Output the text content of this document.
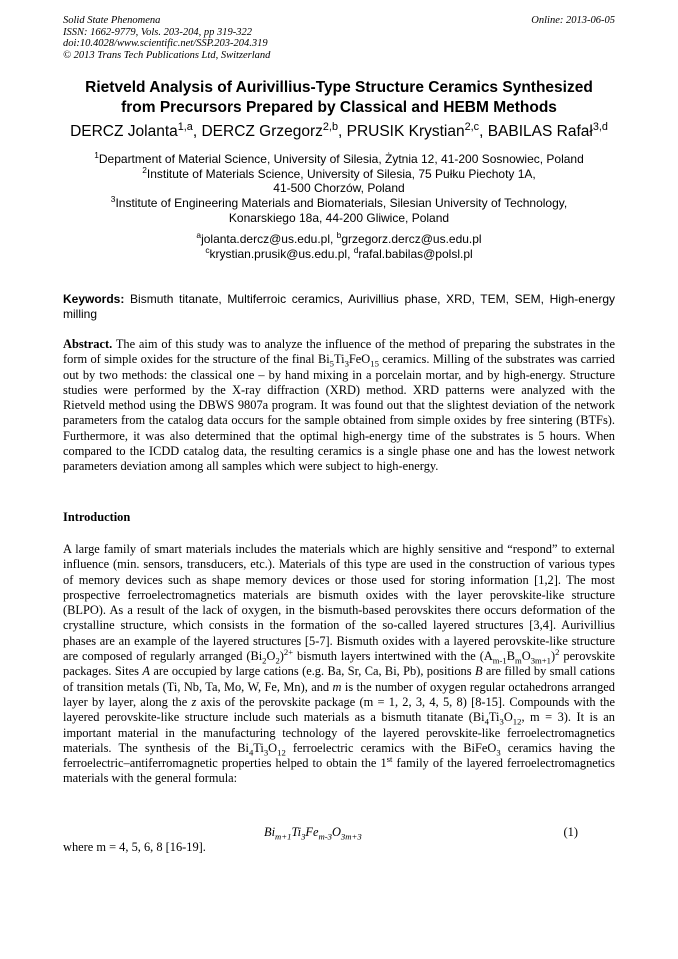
Solid State Phenomena
ISSN: 1662-9779, Vols. 203-204, pp 319-322
doi:10.4028/www.scientific.net/SSP.203-204.319
© 2013 Trans Tech Publications Ltd, Switzerland
Online: 2013-06-05
Rietveld Analysis of Aurivillius-Type Structure Ceramics Synthesized
from Precursors Prepared by Classical and HEBM Methods
DERCZ Jolanta$^{1,a}$, DERCZ Grzegorz$^{2,b}$, PRUSIK Krystian$^{2,c}$, BABILAS Rafał$^{3,d}$
$^1$Department of Material Science, University of Silesia, Żytnia 12, 41-200 Sosnowiec, Poland
$^2$Institute of Materials Science, University of Silesia, 75 Pułku Piechoty 1A,
41-500 Chorzów, Poland
$^3$Institute of Engineering Materials and Biomaterials, Silesian University of Technology,
Konarskiego 18a, 44-200 Gliwice, Poland
$^a$jolanta.dercz@us.edu.pl, $^b$grzegorz.dercz@us.edu.pl
$^c$krystian.prusik@us.edu.pl, $^d$rafal.babilas@polsl.pl
Keywords: Bismuth titanate, Multiferroic ceramics, Aurivillius phase, XRD, TEM, SEM, High-energy milling
Abstract. The aim of this study was to analyze the influence of the method of preparing the substrates in the form of simple oxides for the structure of the final $Bi_5Ti_3FeO_{15}$ ceramics. Milling of the substrates was carried out by two methods: the classical one – by hand mixing in a porcelain mortar, and by high-energy. Structure studies were performed by the X-ray diffraction (XRD) method. XRD patterns were analyzed with the Rietveld method using the DBWS 9807a program. It was found out that the slightest deviation of the network parameters from the catalog data occurs for the sample obtained from simple oxides by free sintering (BTFs). Furthermore, it was also determined that the optimal high-energy time of the substrates is 5 hours. When compared to the ICDD catalog data, the resulting ceramics is a single phase one and has the lowest network parameters deviation among all samples which were subject to high-energy.
Introduction
A large family of smart materials includes the materials which are highly sensitive and “respond” to external influence (min. sensors, transducers, etc.). Materials of this type are used in the construction of various types of memory devices such as shape memory devices or those used for storing information [1,2]. The most prospective ferroelectromagnetics materials are bismuth oxides with the layer perovskite-like structure (BLPO). As a result of the lack of oxygen, in the bismuth-based perovskites there occurs deformation of the crystalline structure, which consists in the formation of the so-called layered structures [3,4]. Aurivillius phases are an example of the layered structures [5-7]. Bismuth oxides with a layered perovskite-like structure are composed of regularly arranged $(Bi_2O_2)^{2+}$ bismuth layers intertwined with the $(A_{m-1}B_mO_{3m+1})^2$ perovskite packages. Sites A are occupied by large cations (e.g. Ba, Sr, Ca, Bi, Pb), positions B are filled by small cations of transition metals (Ti, Nb, Ta, Mo, W, Fe, Mn), and m is the number of oxygen regular octahedrons arranged layer by layer, along the z axis of the perovskite package (m = 1, 2, 3, 4, 5, 8) [8-15]. Compounds with the layered perovskite-like structure include such materials as a bismuth titanate ($Bi_4Ti_3O_{12}$, m = 3). It is an important material in the manufacturing technology of the layered perovskite-like ferroelectromagnetics materials. The synthesis of the $Bi_4Ti_3O_{12}$ ferroelectric ceramics with the BiFeO$_3$ ceramics having the ferroelectric–antiferromagnetic properties helped to obtain the 1st family of the layered ferroelectromagnetics materials with the general formula:
$Bi_{m+1}Ti_3Fe_{m-3}O_{3m+3}$	(1)
where m = 4, 5, 6, 8 [16-19].
